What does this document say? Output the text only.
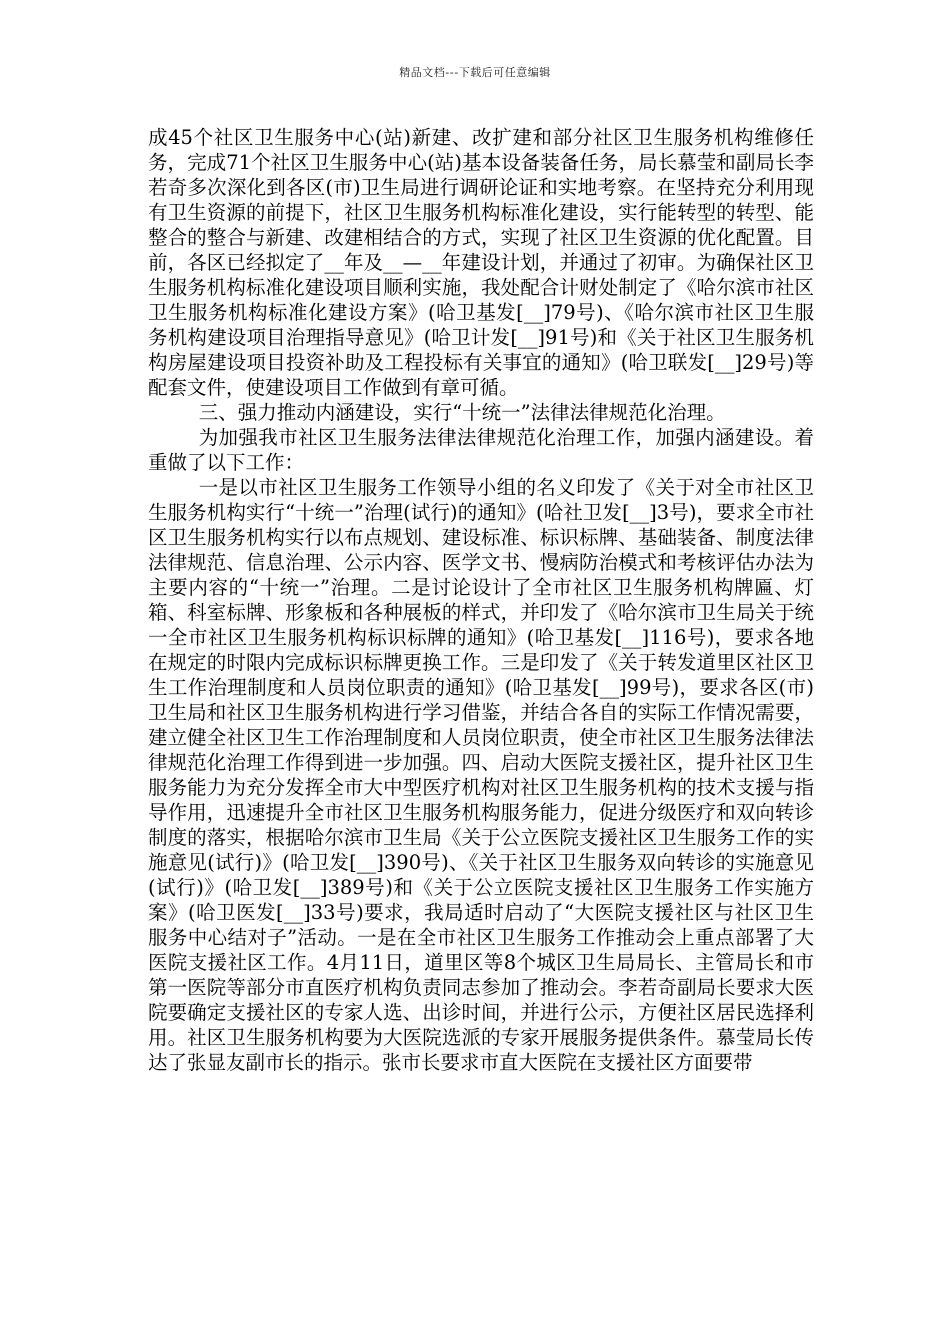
精品文档---下载后可任意编辑

成45个社区卫生服务中心(站)新建、改扩建和部分社区卫生服务机构维修任务，完成71个社区卫生服务中心(站)基本设备装备任务，局长慕莹和副局长李若奇多次深化到各区(市)卫生局进行调研论证和实地考察。在坚持充分利用现有卫生资源的前提下，社区卫生服务机构标准化建设，实行能转型的转型、能整合的整合与新建、改建相结合的方式，实现了社区卫生资源的优化配置。目前，各区已经拟定了__年及__—__年建设计划，并通过了初审。为确保社区卫生服务机构标准化建设项目顺利实施，我处配合计财处制定了《哈尔滨市社区卫生服务机构标准化建设方案》(哈卫基发[__]79号)、《哈尔滨市社区卫生服务机构建设项目治理指导意见》(哈卫计发[__]91号)和《关于社区卫生服务机构房屋建设项目投资补助及工程投标有关事宜的通知》(哈卫联发[__]29号)等配套文件，使建设项目工作做到有章可循。

三、强力推动内涵建设，实行“十统一”法律法律规范化治理。

为加强我市社区卫生服务法律法律规范化治理工作，加强内涵建设。着重做了以下工作：

一是以市社区卫生服务工作领导小组的名义印发了《关于对全市社区卫生服务机构实行“十统一”治理(试行)的通知》(哈社卫发[__]3号)，要求全市社区卫生服务机构实行以布点规划、建设标准、标识标牌、基础装备、制度法律法律规范、信息治理、公示内容、医学文书、慢病防治模式和考核评估办法为主要内容的“十统一”治理。二是讨论设计了全市社区卫生服务机构牌匾、灯箱、科室标牌、形象板和各种展板的样式，并印发了《哈尔滨市卫生局关于统一全市社区卫生服务机构标识标牌的通知》(哈卫基发[__]116号)，要求各地在规定的时限内完成标识标牌更换工作。三是印发了《关于转发道里区社区卫生工作治理制度和人员岗位职责的通知》(哈卫基发[__]99号)，要求各区(市)卫生局和社区卫生服务机构进行学习借鉴，并结合各自的实际工作情况需要，建立健全社区卫生工作治理制度和人员岗位职责，使全市社区卫生服务法律法律规范化治理工作得到进一步加强。四、启动大医院支援社区，提升社区卫生服务能力为充分发挥全市大中型医疗机构对社区卫生服务机构的技术支援与指导作用，迅速提升全市社区卫生服务机构服务能力，促进分级医疗和双向转诊制度的落实，根据哈尔滨市卫生局《关于公立医院支援社区卫生服务工作的实施意见(试行)》(哈卫发[__]390号)、《关于社区卫生服务双向转诊的实施意见(试行)》(哈卫发[__]389号)和《关于公立医院支援社区卫生服务工作实施方案》(哈卫医发[__]33号)要求，我局适时启动了“大医院支援社区与社区卫生服务中心结对子”活动。一是在全市社区卫生服务工作推动会上重点部署了大医院支援社区工作。4月11日，道里区等8个城区卫生局局长、主管局长和市第一医院等部分市直医疗机构负责同志参加了推动会。李若奇副局长要求大医院要确定支援社区的专家人选、出诊时间，并进行公示，方便社区居民选择利用。社区卫生服务机构要为大医院选派的专家开展服务提供条件。慕莹局长传达了张显友副市长的指示。张市长要求市直大医院在支援社区方面要带
